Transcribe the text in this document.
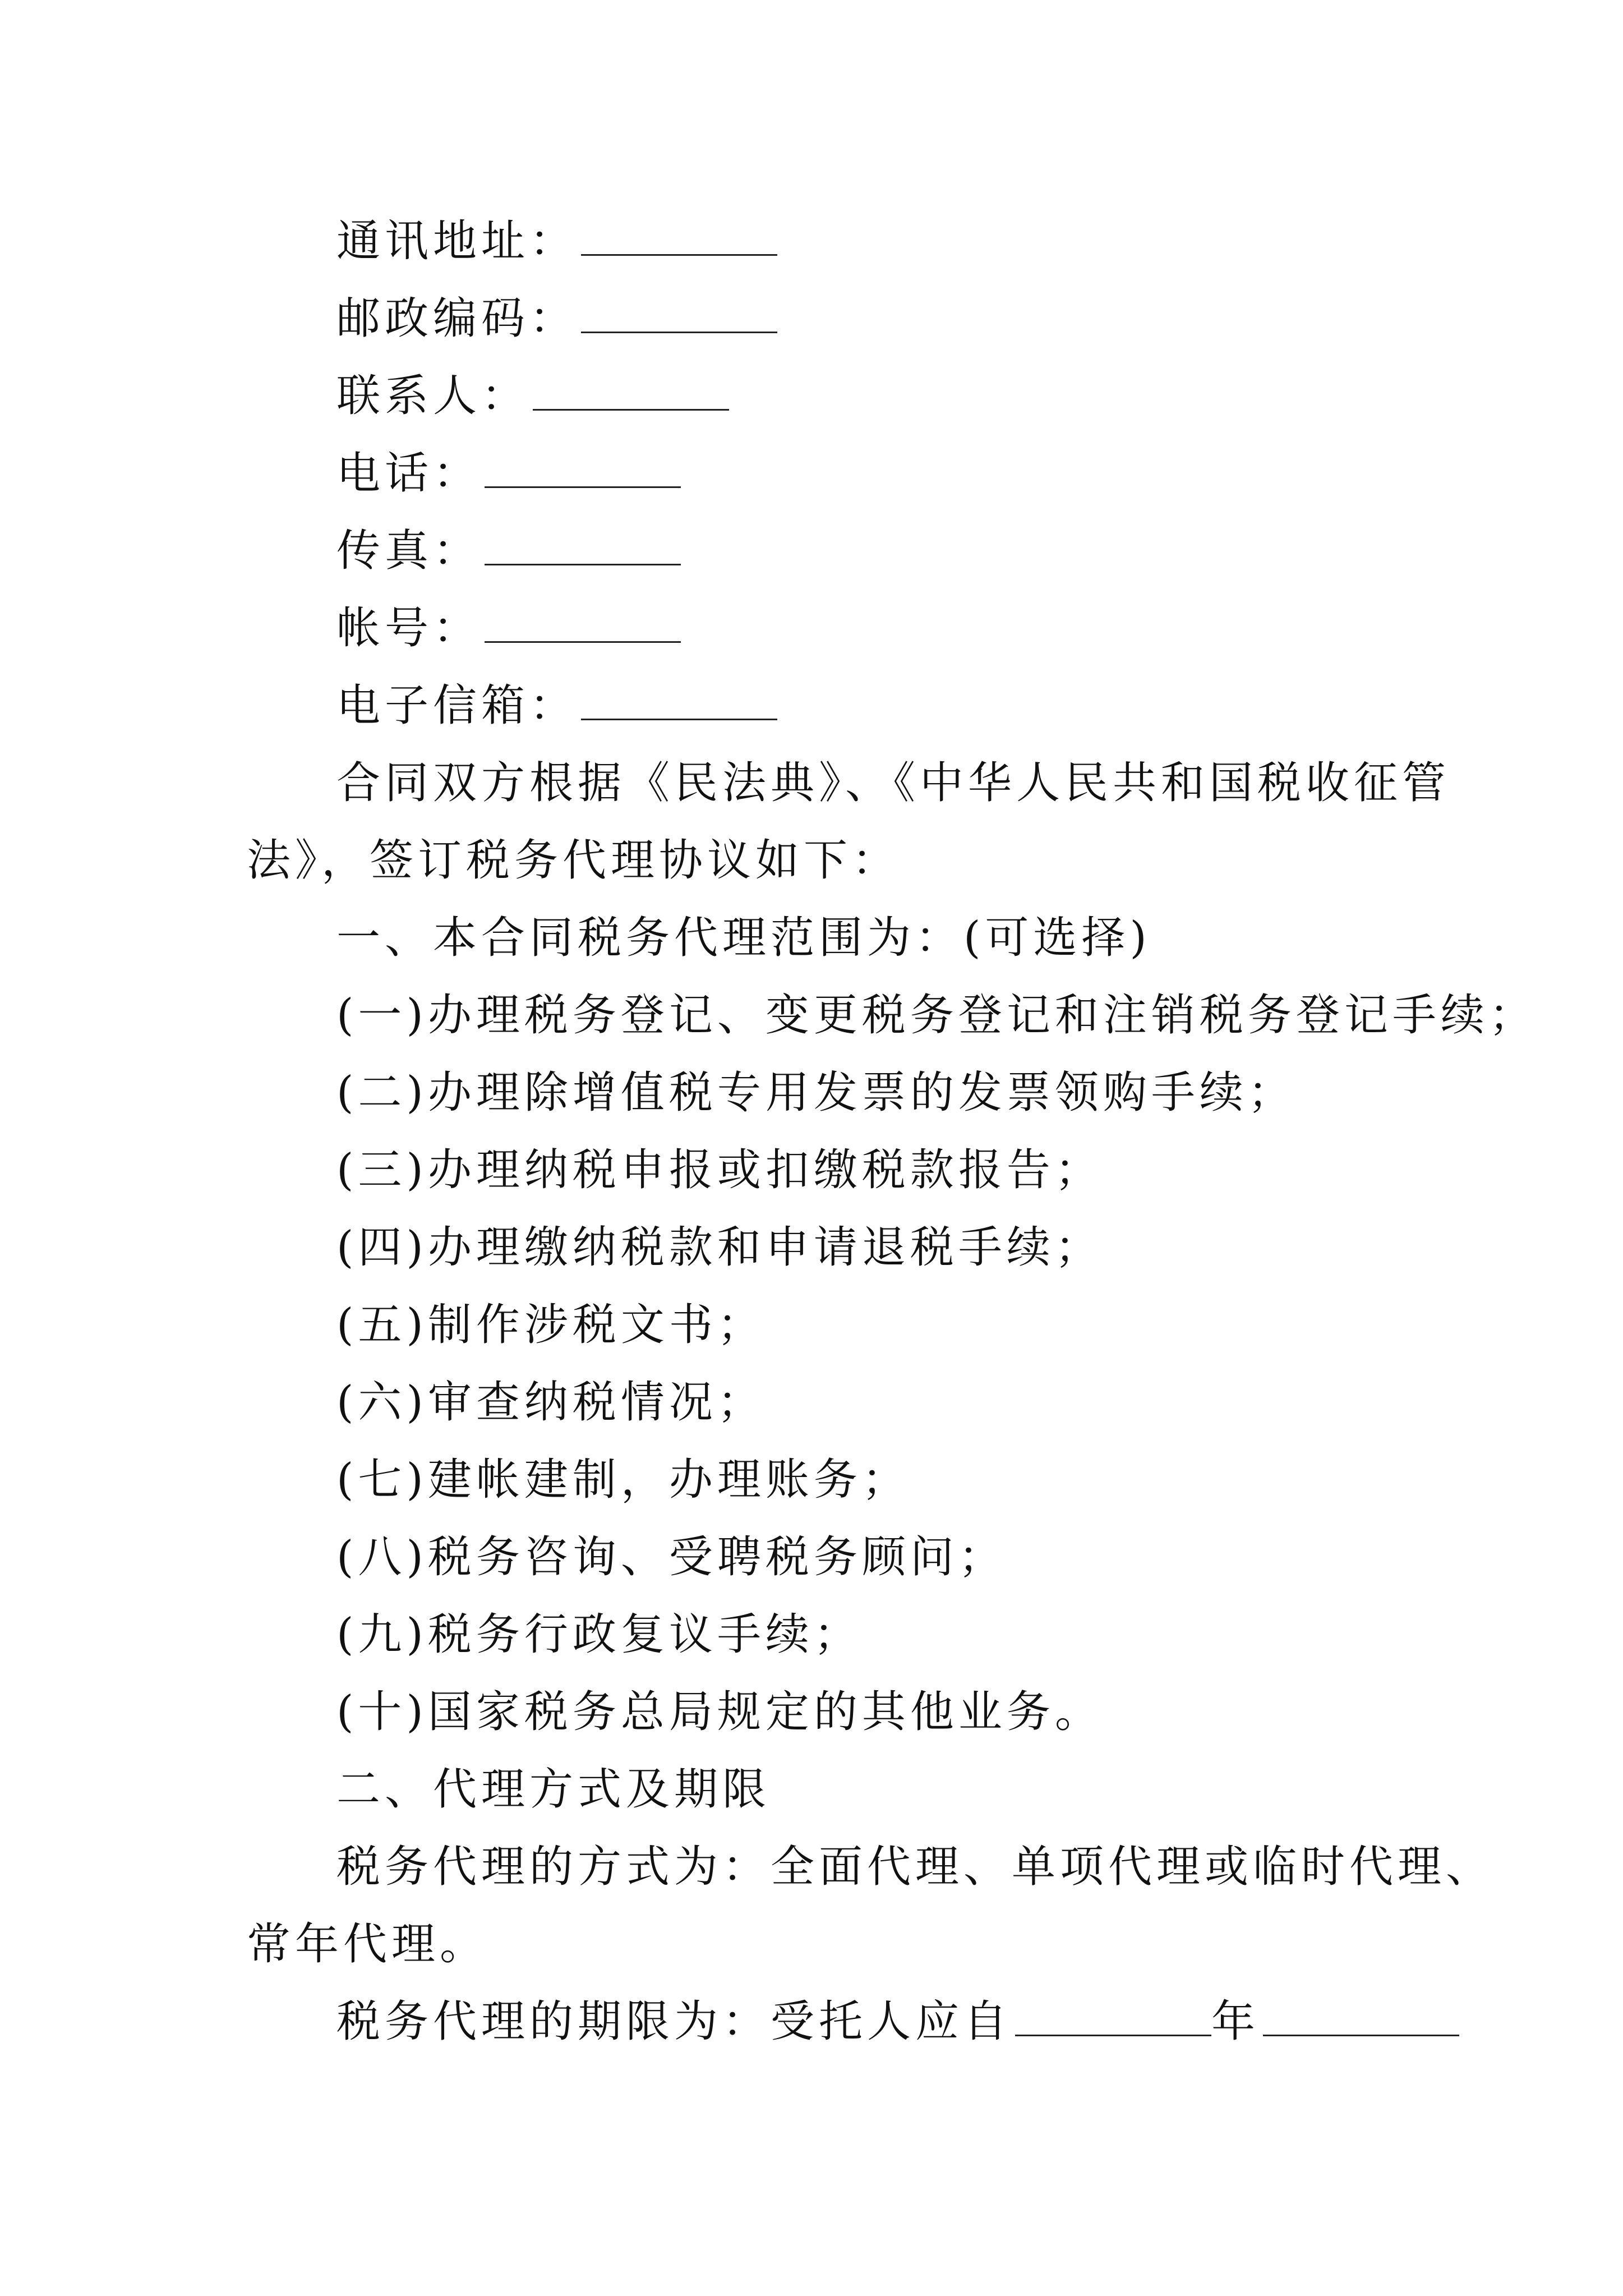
通讯地址：
邮政编码：
联系人：
电话：
传真：
帐号：
电子信箱：
合同双方根据《民法典》、《中华人民共和国税收征管
法》，签订税务代理协议如下：
一、本合同税务代理范围为：(可选择)
(一)办理税务登记、变更税务登记和注销税务登记手续；
(二)办理除增值税专用发票的发票领购手续；
(三)办理纳税申报或扣缴税款报告；
(四)办理缴纳税款和申请退税手续；
(五)制作涉税文书；
(六)审查纳税情况；
(七)建帐建制，办理账务；
(八)税务咨询、受聘税务顾问；
(九)税务行政复议手续；
(十)国家税务总局规定的其他业务。
二、代理方式及期限
税务代理的方式为：全面代理、单项代理或临时代理、
常年代理。
税务代理的期限为：受托人应自	年
